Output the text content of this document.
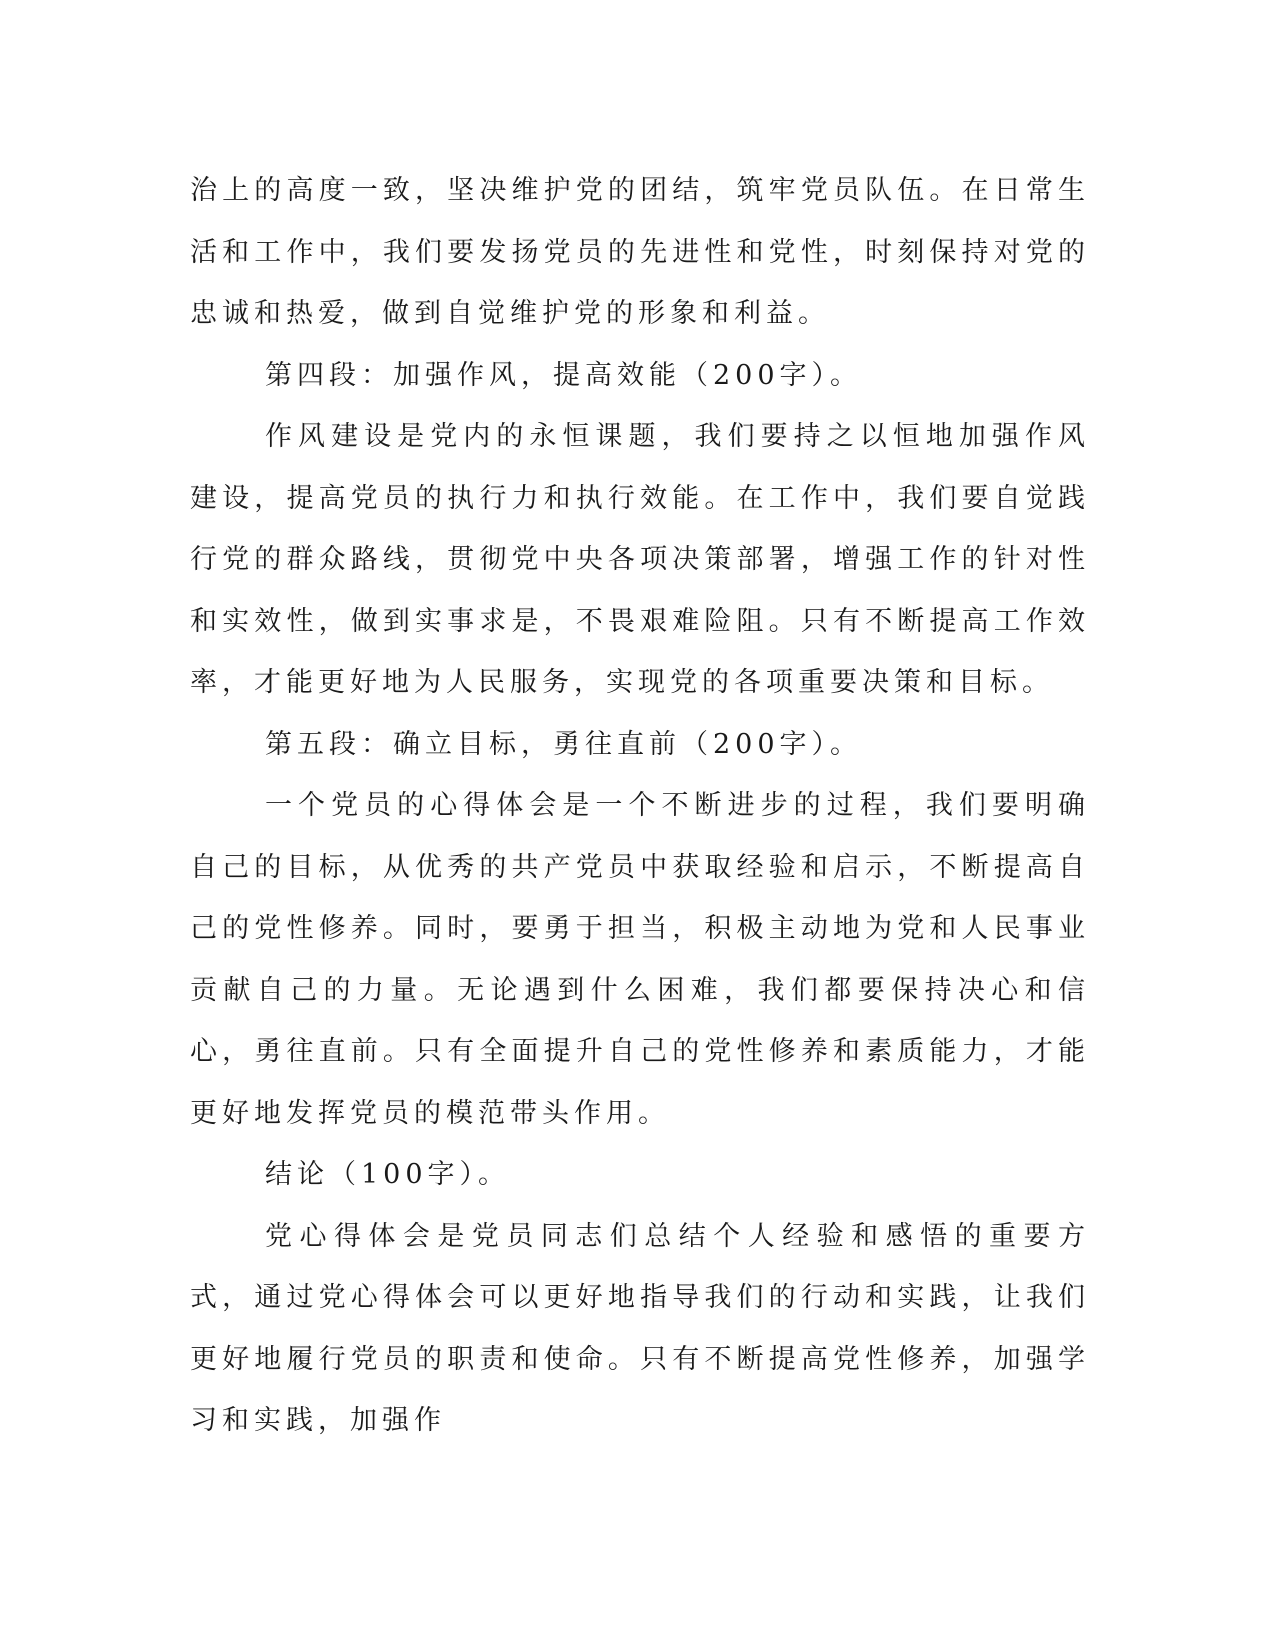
治上的高度一致，坚决维护党的团结，筑牢党员队伍。在日常生活和工作中，我们要发扬党员的先进性和党性，时刻保持对党的忠诚和热爱，做到自觉维护党的形象和利益。

第四段：加强作风，提高效能（200字）。

作风建设是党内的永恒课题，我们要持之以恒地加强作风建设，提高党员的执行力和执行效能。在工作中，我们要自觉践行党的群众路线，贯彻党中央各项决策部署，增强工作的针对性和实效性，做到实事求是，不畏艰难险阻。只有不断提高工作效率，才能更好地为人民服务，实现党的各项重要决策和目标。

第五段：确立目标，勇往直前（200字）。

一个党员的心得体会是一个不断进步的过程，我们要明确自己的目标，从优秀的共产党员中获取经验和启示，不断提高自己的党性修养。同时，要勇于担当，积极主动地为党和人民事业贡献自己的力量。无论遇到什么困难，我们都要保持决心和信心，勇往直前。只有全面提升自己的党性修养和素质能力，才能更好地发挥党员的模范带头作用。

结论（100字）。

党心得体会是党员同志们总结个人经验和感悟的重要方式，通过党心得体会可以更好地指导我们的行动和实践，让我们更好地履行党员的职责和使命。只有不断提高党性修养，加强学习和实践，加强作
